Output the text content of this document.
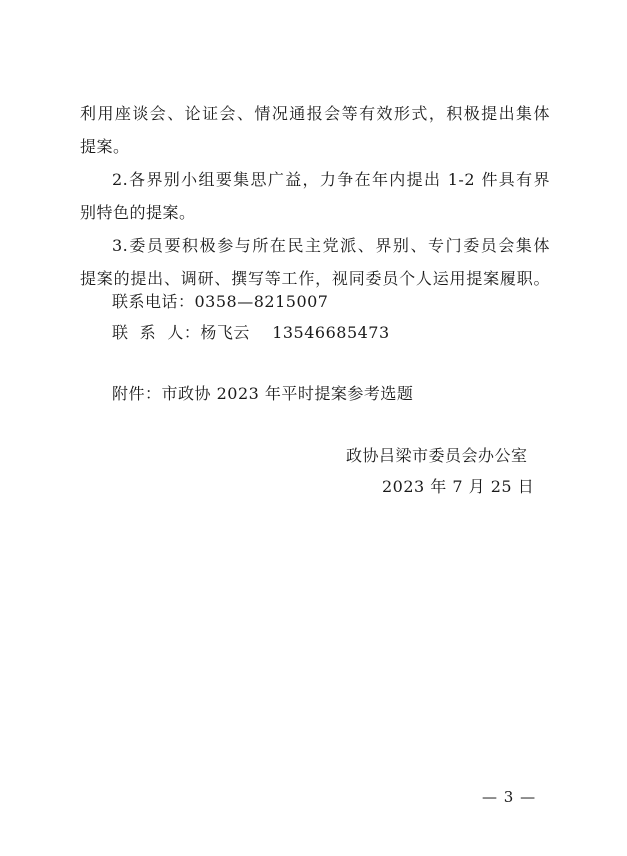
利用座谈会、论证会、情况通报会等有效形式，积极提出集体
提案。
2.各界别小组要集思广益，力争在年内提出 1-2 件具有界
别特色的提案。
3.委员要积极参与所在民主党派、界别、专门委员会集体
提案的提出、调研、撰写等工作，视同委员个人运用提案履职。
联系电话：0358—8215007
联  系  人：杨飞云    13546685473
附件：市政协 2023 年平时提案参考选题
政协吕梁市委员会办公室
2023 年 7 月 25 日
— 3 —
